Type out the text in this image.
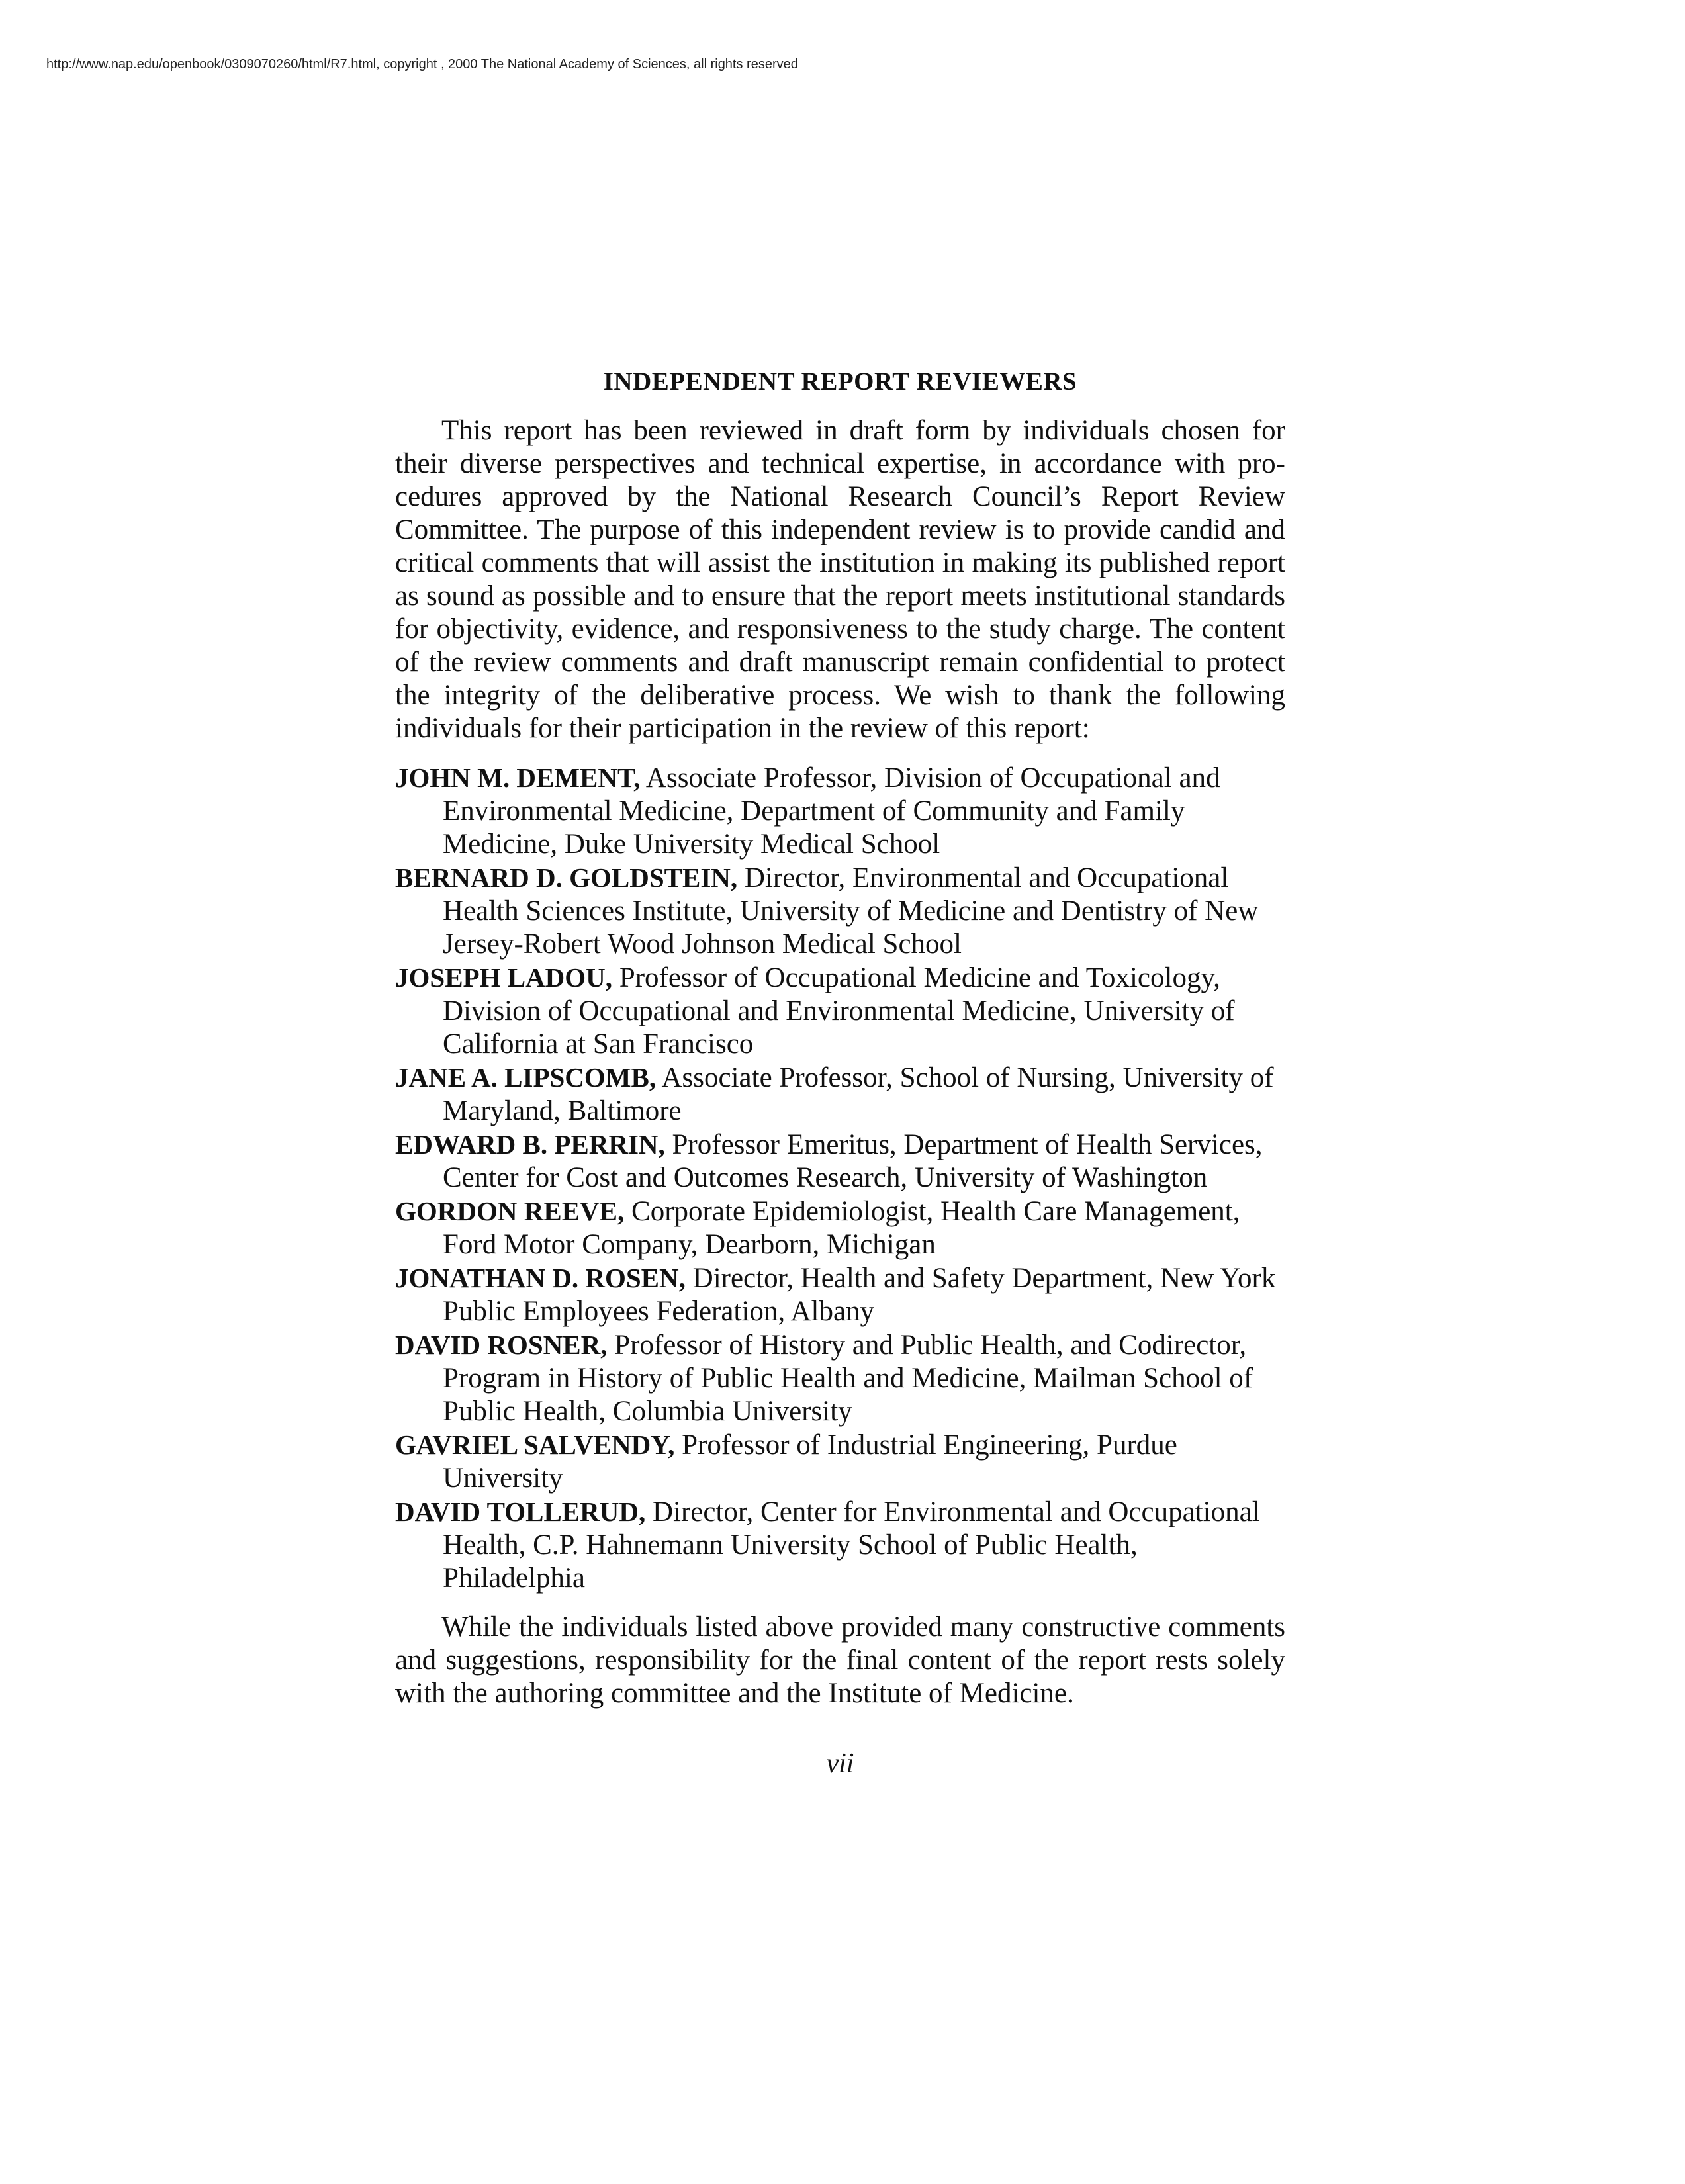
http://www.nap.edu/openbook/0309070260/html/R7.html, copyright , 2000 The National Academy of Sciences, all rights reserved
INDEPENDENT REPORT REVIEWERS

This report has been reviewed in draft form by individuals chosen for their diverse perspectives and technical expertise, in accordance with procedures approved by the National Research Council’s Report Review Committee. The purpose of this independent review is to provide candid and critical comments that will assist the institution in making its published report as sound as possible and to ensure that the report meets institutional standards for objectivity, evidence, and responsiveness to the study charge. The content of the review comments and draft manuscript remain confidential to protect the integrity of the deliberative process. We wish to thank the following individuals for their participation in the review of this report:

JOHN M. DEMENT, Associate Professor, Division of Occupational and Environmental Medicine, Department of Community and Family Medicine, Duke University Medical School
BERNARD D. GOLDSTEIN, Director, Environmental and Occupational Health Sciences Institute, University of Medicine and Dentistry of New Jersey-Robert Wood Johnson Medical School
JOSEPH LADOU, Professor of Occupational Medicine and Toxicology, Division of Occupational and Environmental Medicine, University of California at San Francisco
JANE A. LIPSCOMB, Associate Professor, School of Nursing, University of Maryland, Baltimore
EDWARD B. PERRIN, Professor Emeritus, Department of Health Services, Center for Cost and Outcomes Research, University of Washington
GORDON REEVE, Corporate Epidemiologist, Health Care Management, Ford Motor Company, Dearborn, Michigan
JONATHAN D. ROSEN, Director, Health and Safety Department, New York Public Employees Federation, Albany
DAVID ROSNER, Professor of History and Public Health, and Codirector, Program in History of Public Health and Medicine, Mailman School of Public Health, Columbia University
GAVRIEL SALVENDY, Professor of Industrial Engineering, Purdue University
DAVID TOLLERUD, Director, Center for Environmental and Occupational Health, C.P. Hahnemann University School of Public Health, Philadelphia

While the individuals listed above provided many constructive comments and suggestions, responsibility for the final content of the report rests solely with the authoring committee and the Institute of Medicine.

vii
